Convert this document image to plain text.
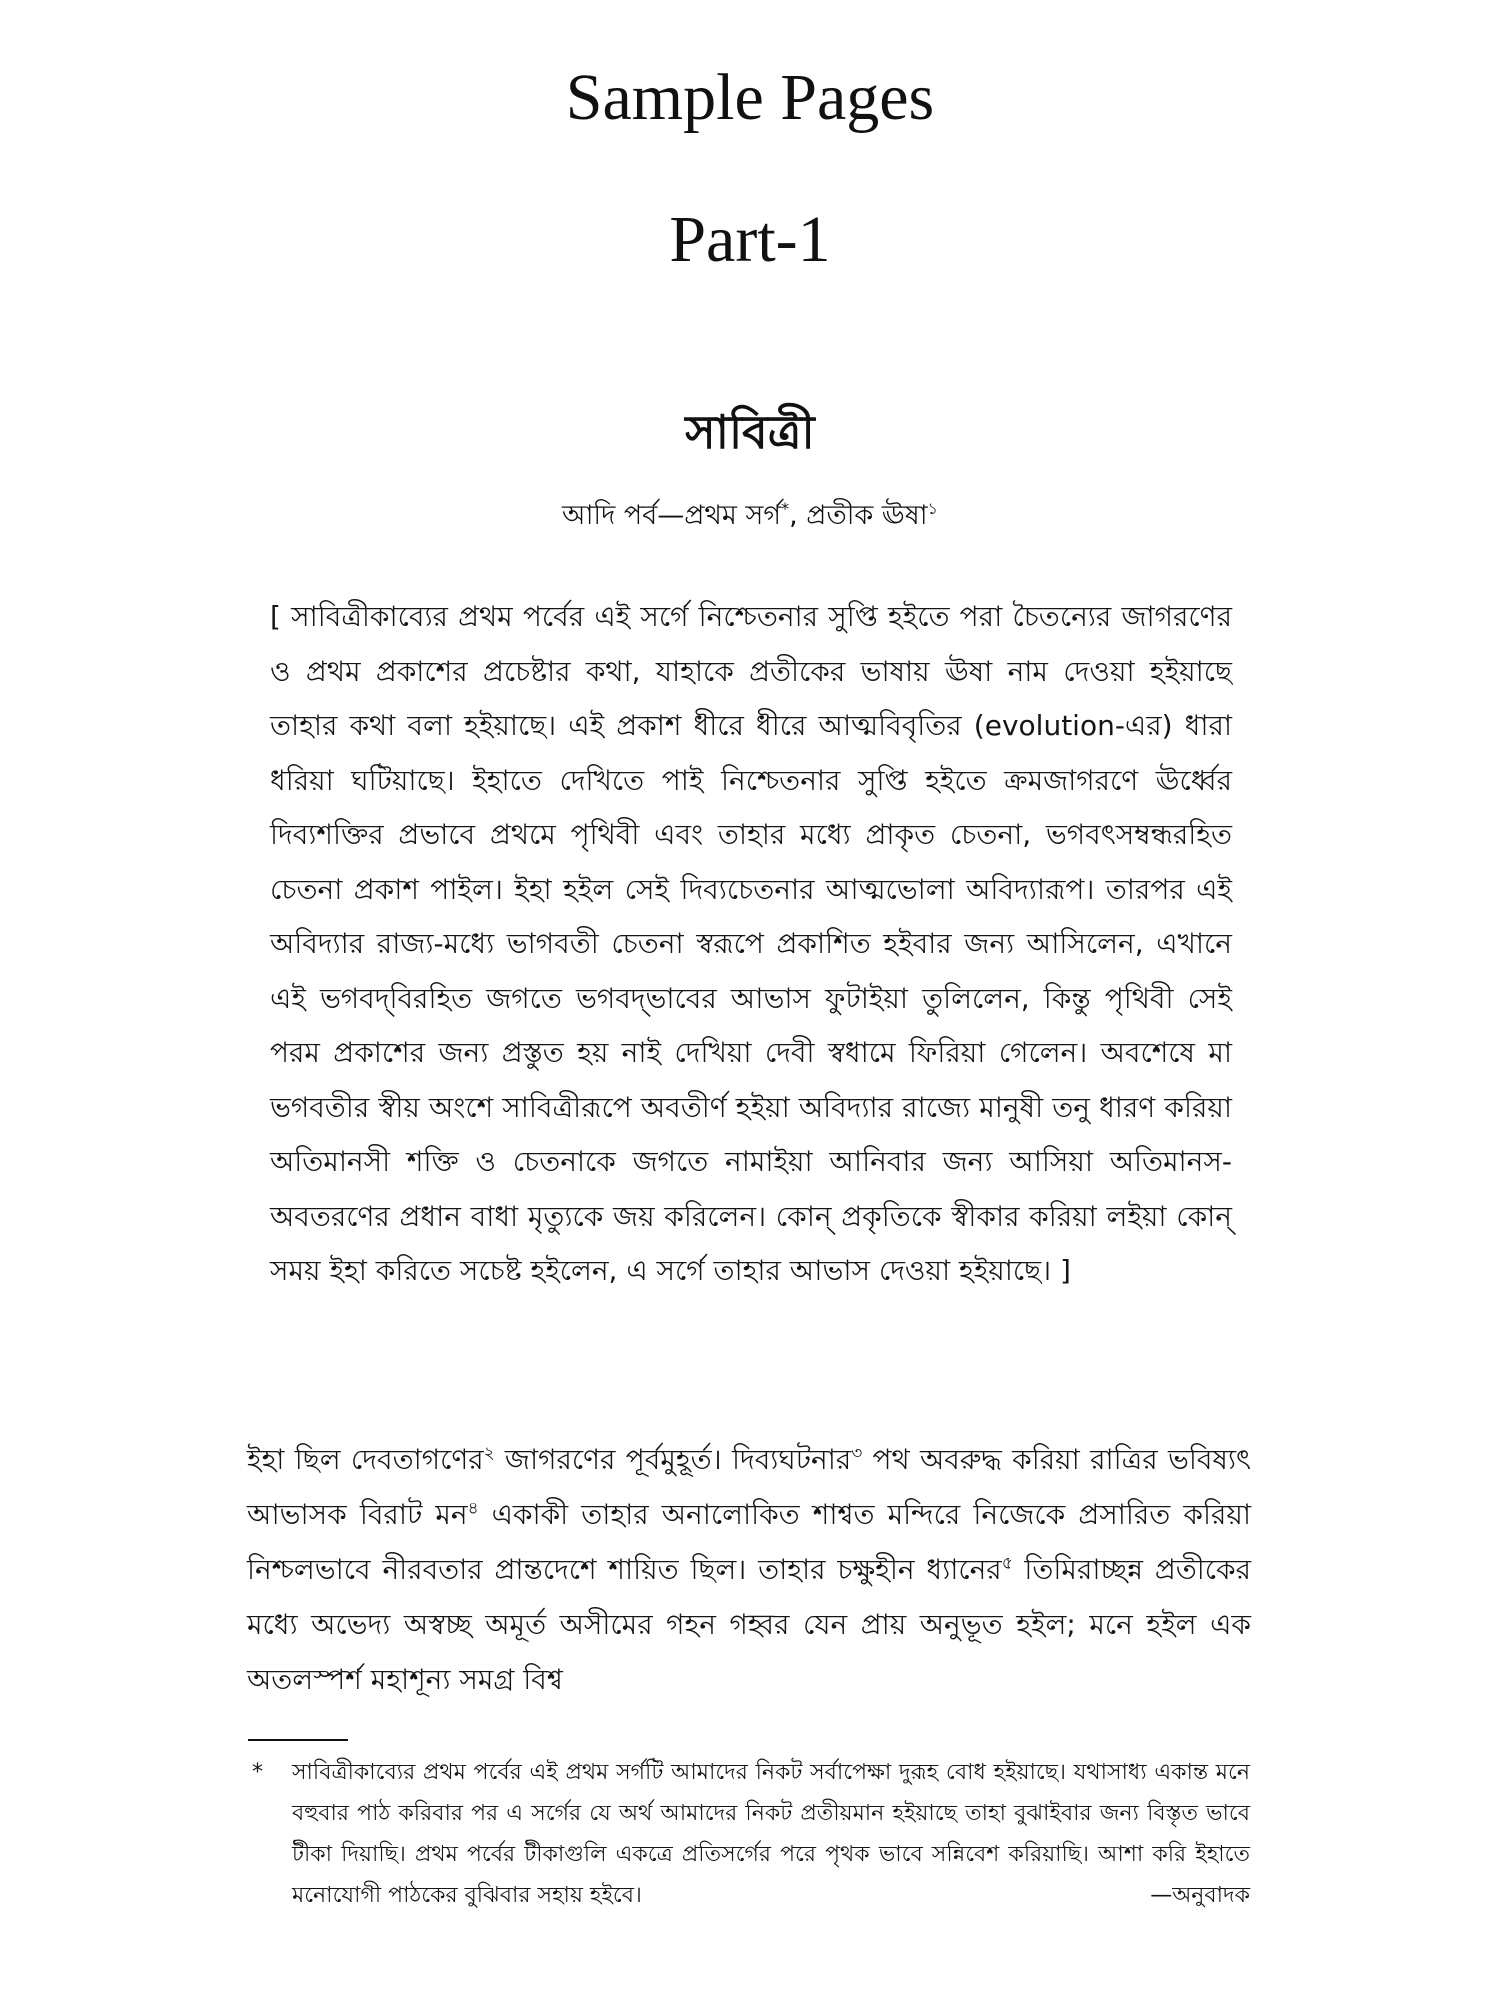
Sample Pages
Part-1
সাবিত্রী
আদি পর্ব—প্রথম সর্গ*, প্রতীক ঊষা$^১$
[ সাবিত্রীকাব্যের প্রথম পর্বের এই সর্গে নিশ্চেতনার সুপ্তি হইতে পরা চৈতন্যের জাগরণের ও প্রথম প্রকাশের প্রচেষ্টার কথা, যাহাকে প্রতীকের ভাষায় ঊষা নাম দেওয়া হইয়াছে তাহার কথা বলা হইয়াছে। এই প্রকাশ ধীরে ধীরে আত্মবিবৃতির (evolution-এর) ধারা ধরিয়া ঘটিয়াছে। ইহাতে দেখিতে পাই নিশ্চেতনার সুপ্তি হইতে ক্রমজাগরণে ঊর্ধ্বের দিব্যশক্তির প্রভাবে প্রথমে পৃথিবী এবং তাহার মধ্যে প্রাকৃত চেতনা, ভগবৎসম্বন্ধরহিত চেতনা প্রকাশ পাইল। ইহা হইল সেই দিব্যচেতনার আত্মভোলা অবিদ্যারূপ। তারপর এই অবিদ্যার রাজ্য-মধ্যে ভাগবতী চেতনা স্বরূপে প্রকাশিত হইবার জন্য আসিলেন, এখানে এই ভগবদ্‌বিরহিত জগতে ভগবদ্‌ভাবের আভাস ফুটাইয়া তুলিলেন, কিন্তু পৃথিবী সেই পরম প্রকাশের জন্য প্রস্তুত হয় নাই দেখিয়া দেবী স্বধামে ফিরিয়া গেলেন। অবশেষে মা ভগবতীর স্বীয় অংশে সাবিত্রীরূপে অবতীর্ণ হইয়া অবিদ্যার রাজ্যে মানুষী তনু ধারণ করিয়া অতিমানসী শক্তি ও চেতনাকে জগতে নামাইয়া আনিবার জন্য আসিয়া অতিমানস-অবতরণের প্রধান বাধা মৃত্যুকে জয় করিলেন। কোন্ প্রকৃতিকে স্বীকার করিয়া লইয়া কোন্ সময় ইহা করিতে সচেষ্ট হইলেন, এ সর্গে তাহার আভাস দেওয়া হইয়াছে। ]
ইহা ছিল দেবতাগণের$^২$ জাগরণের পূর্বমুহূর্ত। দিব্যঘটনার$^৩$ পথ অবরুদ্ধ করিয়া রাত্রির ভবিষ্যৎ আভাসক বিরাট মন$^৪$ একাকী তাহার অনালোকিত শাশ্বত মন্দিরে নিজেকে প্রসারিত করিয়া নিশ্চলভাবে নীরবতার প্রান্তদেশে শায়িত ছিল। তাহার চক্ষুহীন ধ্যানের$^৫$ তিমিরাচ্ছন্ন প্রতীকের মধ্যে অভেদ্য অস্বচ্ছ অমূর্ত অসীমের গহন গহ্বর যেন প্রায় অনুভূত হইল; মনে হইল এক অতলস্পর্শ মহাশূন্য সমগ্র বিশ্ব
* সাবিত্রীকাব্যের প্রথম পর্বের এই প্রথম সর্গটি আমাদের নিকট সর্বাপেক্ষা দুরূহ বোধ হইয়াছে। যথাসাধ্য একান্ত মনে বহুবার পাঠ করিবার পর এ সর্গের যে অর্থ আমাদের নিকট প্রতীয়মান হইয়াছে তাহা বুঝাইবার জন্য বিস্তৃত ভাবে টীকা দিয়াছি। প্রথম পর্বের টীকাগুলি একত্রে প্রতিসর্গের পরে পৃথক ভাবে সন্নিবেশ করিয়াছি। আশা করি ইহাতে মনোযোগী পাঠকের বুঝিবার সহায় হইবে।	—অনুবাদক
